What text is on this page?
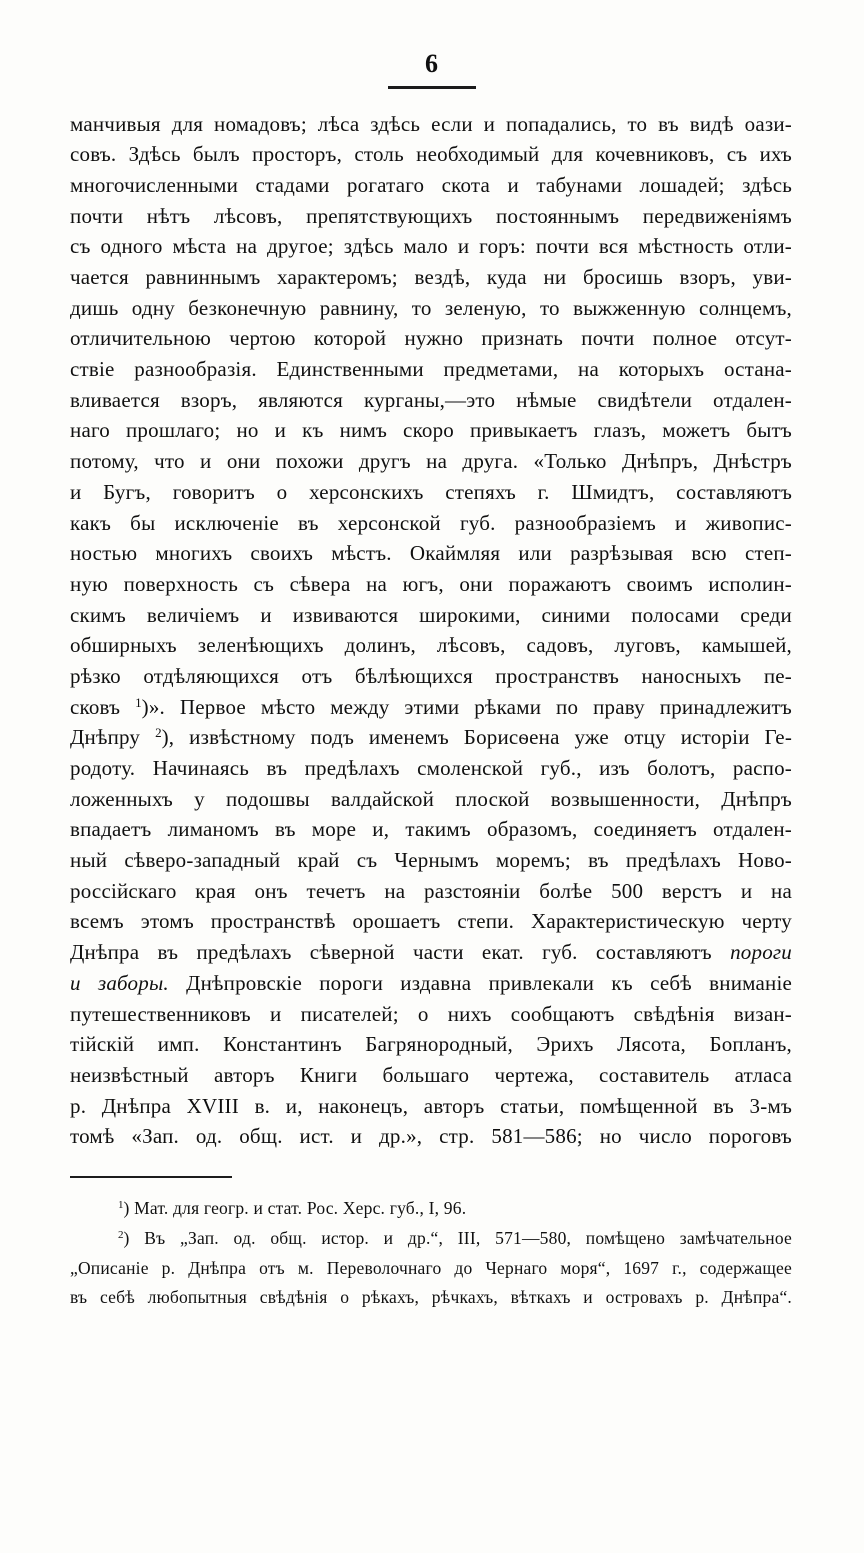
6
манчивыя для номадовъ; лѣса здѣсь если и попадались, то въ видѣ оази-
совъ. Здѣсь былъ просторъ, столь необходимый для кочевниковъ, съ ихъ
многочисленными стадами рогатаго скота и табунами лошадей; здѣсь
почти нѣтъ лѣсовъ, препятствующихъ постояннымъ передвиженіямъ
съ одного мѣста на другое; здѣсь мало и горъ: почти вся мѣстность отли-
чается равниннымъ характеромъ; вездѣ, куда ни бросишь взоръ, уви-
дишь одну безконечную равнину, то зеленую, то выжженную солнцемъ,
отличительною чертою которой нужно признать почти полное отсут-
ствіе разнообразія. Единственными предметами, на которыхъ остана-
вливается взоръ, являются курганы,—это нѣмые свидѣтели отдален-
наго прошлаго; но и къ нимъ скоро привыкаетъ глазъ, можетъ бытъ
потому, что и они похожи другъ на друга. «Только Днѣпръ, Днѣстръ
и Бугъ, говоритъ о херсонскихъ степяхъ г. Шмидтъ, составляютъ
какъ бы исключеніе въ херсонской губ. разнообразіемъ и живопис-
ностью многихъ своихъ мѣстъ. Окаймляя или разрѣзывая всю степ-
ную поверхность съ сѣвера на югъ, они поражаютъ своимъ исполин-
скимъ величіемъ и извиваются широкими, синими полосами среди
обширныхъ зеленѣющихъ долинъ, лѣсовъ, садовъ, луговъ, камышей,
рѣзко отдѣляющихся отъ бѣлѣющихся пространствъ наносныхъ пе-
сковъ $^1$)». Первое мѣсто между этими рѣками по праву принадлежитъ
Днѣпру $^2$), извѣстному подъ именемъ Борисѳена уже отцу исторіи Ге-
родоту. Начинаясь въ предѣлахъ смоленской губ., изъ болотъ, распо-
ложенныхъ у подошвы валдайской плоской возвышенности, Днѣпръ
впадаетъ лиманомъ въ море и, такимъ образомъ, соединяетъ отдален-
ный сѣверо-западный край съ Чернымъ моремъ; въ предѣлахъ Ново-
россійскаго края онъ течетъ на разстояніи болѣе 500 верстъ и на
всемъ этомъ пространствѣ орошаетъ степи. Характеристическую черту
Днѣпра въ предѣлахъ сѣверной части екат. губ. составляютъ пороги
и заборы. Днѣпровскіе пороги издавна привлекали къ себѣ вниманіе
путешественниковъ и писателей; о нихъ сообщаютъ свѣдѣнія визан-
тійскій имп. Константинъ Багрянородный, Эрихъ Лясота, Бопланъ,
неизвѣстный авторъ Книги большаго чертежа, составитель атласа
р. Днѣпра XVIII в. и, наконецъ, авторъ статьи, помѣщенной въ 3-мъ
томѣ «Зап. од. общ. ист. и др.», стр. 581—586; но число пороговъ
$^1$) Мат. для геогр. и стат. Рос. Херс. губ., I, 96.
$^2$) Въ „Зап. од. общ. истор. и др.“, III, 571—580, помѣщено замѣчательное
„Описаніе р. Днѣпра отъ м. Переволочнаго до Чернаго моря“, 1697 г., содержащее
въ себѣ любопытныя свѣдѣнія о рѣкахъ, рѣчкахъ, вѣткахъ и островахъ р. Днѣпра“.
